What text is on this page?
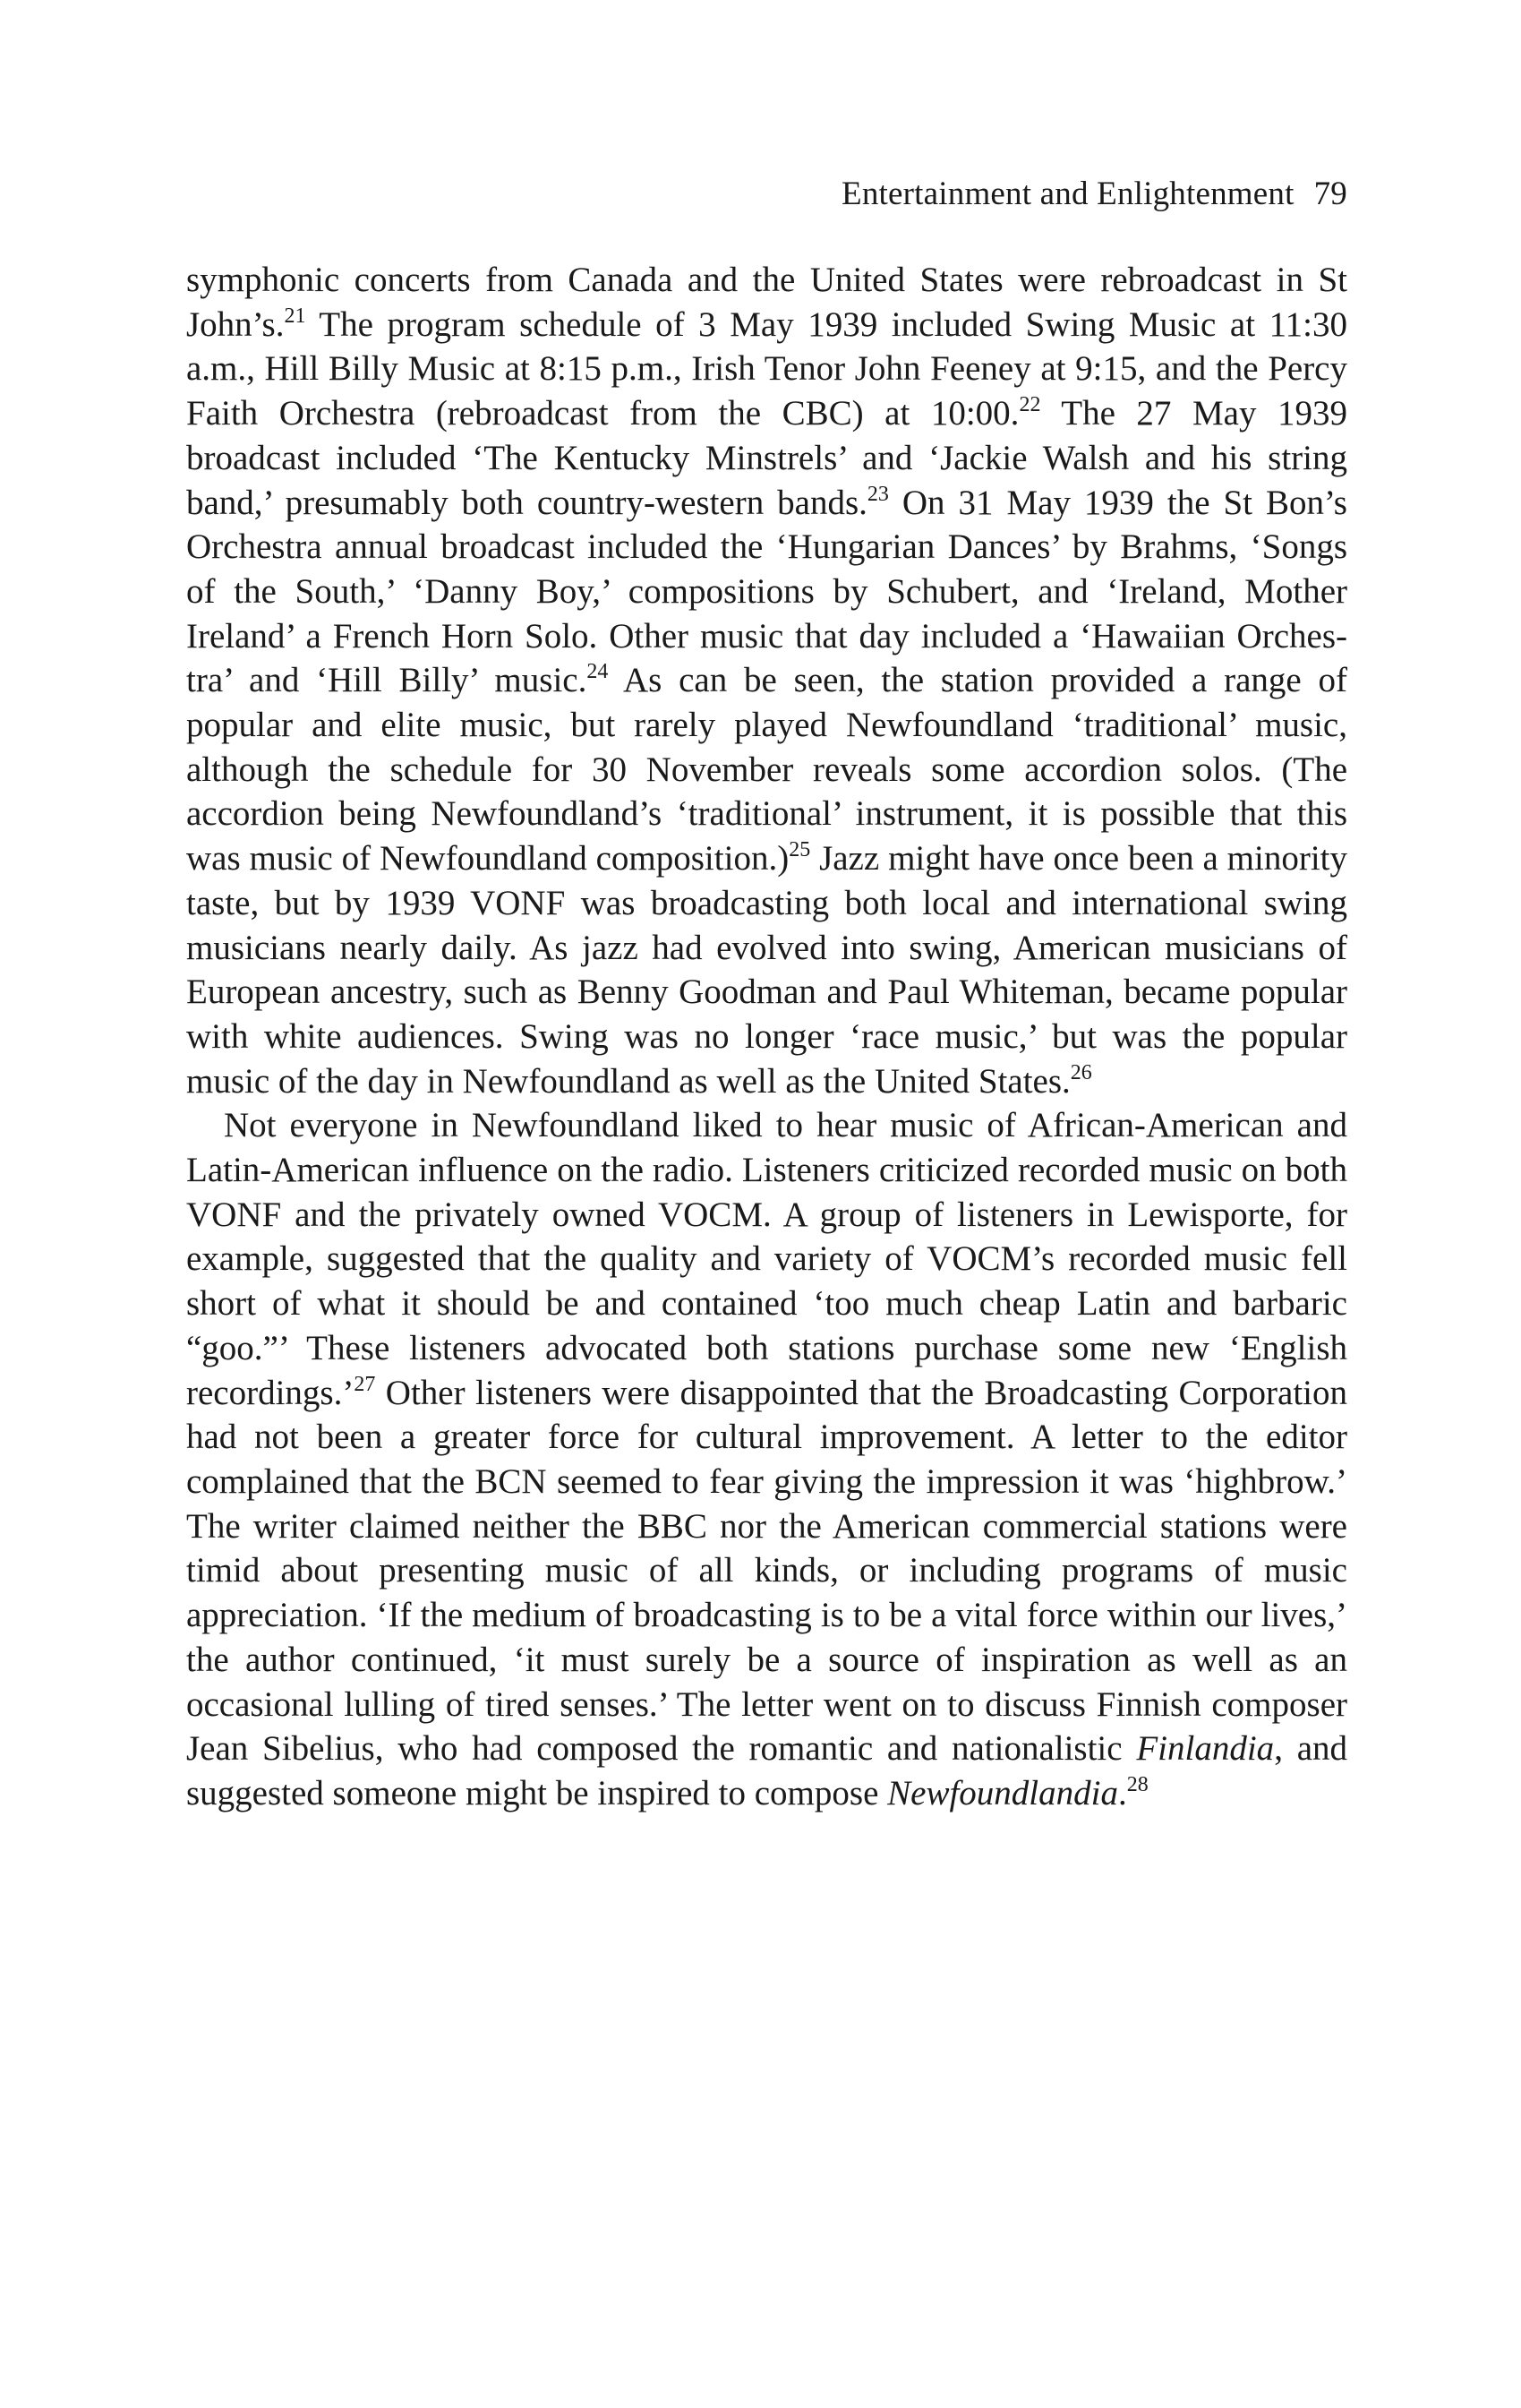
Entertainment and Enlightenment 79

symphonic concerts from Canada and the United States were rebroadcast in St John’s.$^{21}$ The program schedule of 3 May 1939 included Swing Music at 11:30 a.m., Hill Billy Music at 8:15 p.m., Irish Tenor John Feeney at 9:15, and the Percy Faith Orchestra (rebroadcast from the CBC) at 10:00.22 The 27 May 1939 broadcast included ‘The Kentucky Minstrels’ and ‘Jackie Walsh and his string band,’ presumably both country-western bands.$^{23}$ On 31 May 1939 the St Bon’s Orchestra annual broadcast included the ‘Hungarian Dances’ by Brahms, ‘Songs of the South,’ ‘Danny Boy,’ compositions by Schubert, and ‘Ireland, Mother Ireland’ a French Horn Solo. Other music that day included a ‘Hawaiian Orchestra’ and ‘Hill Billy’ music.$^{24}$ As can be seen, the station provided a range of popular and elite music, but rarely played Newfoundland ‘traditional’ music, although the schedule for 30 November reveals some accordion solos. (The accordion being Newfoundland’s ‘traditional’ instrument, it is possible that this was music of Newfoundland composition.)$^{25}$ Jazz might have once been a minority taste, but by 1939 VONF was broadcasting both local and international swing musicians nearly daily. As jazz had evolved into swing, American musicians of European ancestry, such as Benny Goodman and Paul Whiteman, became popular with white audiences. Swing was no longer ‘race music,’ but was the popular music of the day in Newfoundland as well as the United States.$^{26}$

Not everyone in Newfoundland liked to hear music of African-American and Latin-American influence on the radio. Listeners criticized recorded music on both VONF and the privately owned VOCM. A group of listeners in Lewisporte, for example, suggested that the quality and variety of VOCM’s recorded music fell short of what it should be and contained ‘too much cheap Latin and barbaric “goo.”’ These listeners advocated both stations purchase some new ‘English recordings.’$^{27}$ Other listeners were disappointed that the Broadcasting Corporation had not been a greater force for cultural improvement. A letter to the editor complained that the BCN seemed to fear giving the impression it was ‘highbrow.’ The writer claimed neither the BBC nor the American commercial stations were timid about presenting music of all kinds, or including programs of music appreciation. ‘If the medium of broadcasting is to be a vital force within our lives,’ the author continued, ‘it must surely be a source of inspiration as well as an occasional lulling of tired senses.’ The letter went on to discuss Finnish composer Jean Sibelius, who had composed the romantic and nationalistic Finlandia, and suggested someone might be inspired to compose Newfoundlandia.$^{28}$
